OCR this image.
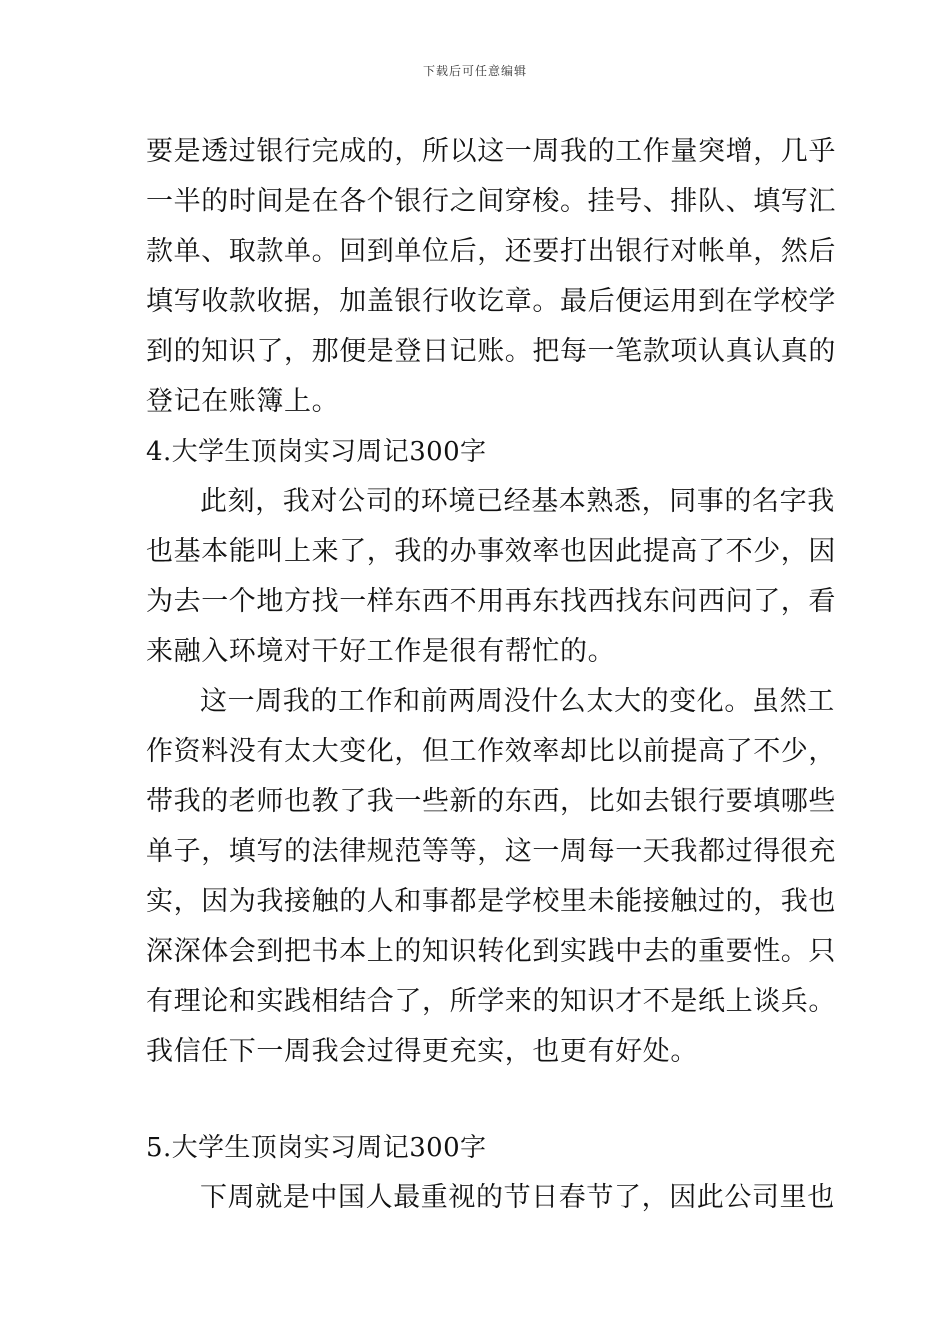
下载后可任意编辑
要是透过银行完成的，所以这一周我的工作量突增，几乎
一半的时间是在各个银行之间穿梭。挂号、排队、填写汇
款单、取款单。回到单位后，还要打出银行对帐单，然后
填写收款收据，加盖银行收讫章。最后便运用到在学校学
到的知识了，那便是登日记账。把每一笔款项认真认真的
登记在账簿上。
4.大学生顶岗实习周记300字
此刻，我对公司的环境已经基本熟悉，同事的名字我
也基本能叫上来了，我的办事效率也因此提高了不少，因
为去一个地方找一样东西不用再东找西找东问西问了，看
来融入环境对干好工作是很有帮忙的。
这一周我的工作和前两周没什么太大的变化。虽然工
作资料没有太大变化，但工作效率却比以前提高了不少，
带我的老师也教了我一些新的东西，比如去银行要填哪些
单子，填写的法律规范等等，这一周每一天我都过得很充
实，因为我接触的人和事都是学校里未能接触过的，我也
深深体会到把书本上的知识转化到实践中去的重要性。只
有理论和实践相结合了，所学来的知识才不是纸上谈兵。
我信任下一周我会过得更充实，也更有好处。
5.大学生顶岗实习周记300字
下周就是中国人最重视的节日春节了，因此公司里也
